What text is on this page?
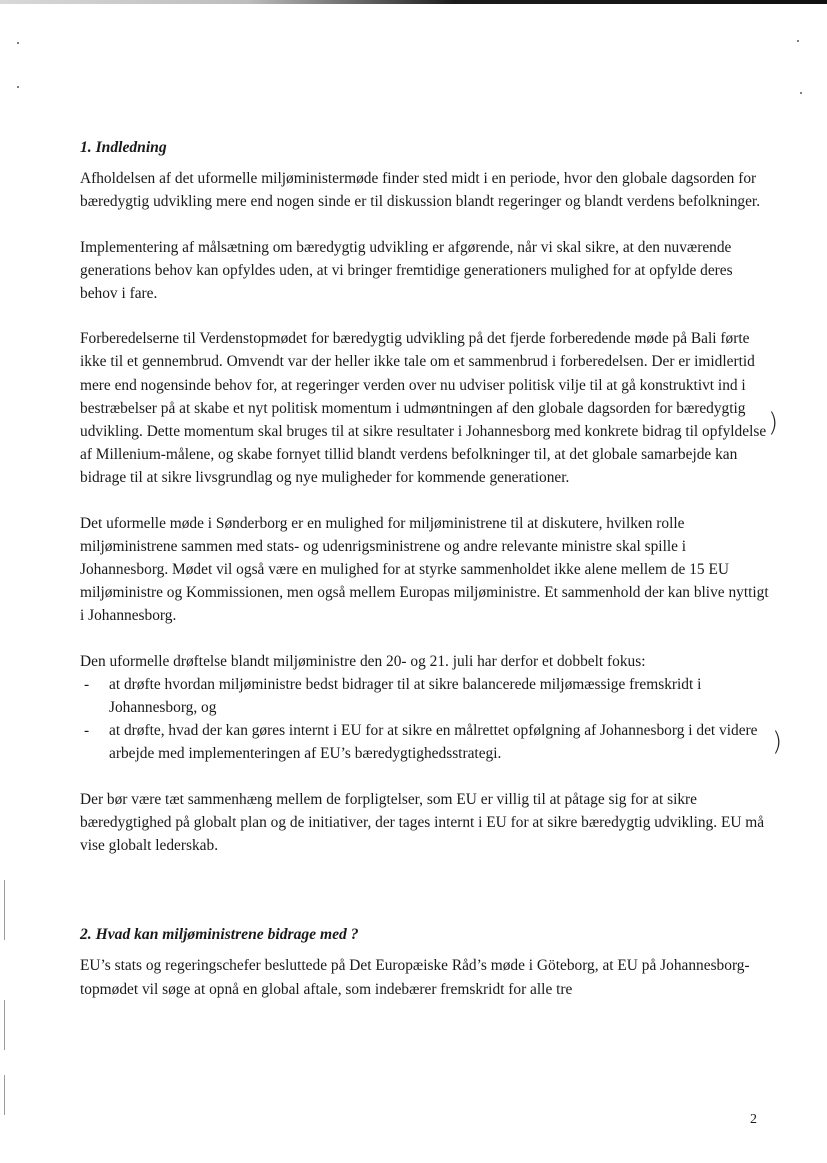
1. Indledning

Afholdelsen af det uformelle miljøministermøde finder sted midt i en periode, hvor den globale dagsorden for bæredygtig udvikling mere end nogen sinde er til diskussion blandt regeringer og blandt verdens befolkninger.

Implementering af målsætning om bæredygtig udvikling er afgørende, når vi skal sikre, at den nuværende generations behov kan opfyldes uden, at vi bringer fremtidige generationers mulighed for at opfylde deres behov i fare.

Forberedelserne til Verdenstopmødet for bæredygtig udvikling på det fjerde forberedende møde på Bali førte ikke til et gennembrud. Omvendt var der heller ikke tale om et sammenbrud i forberedelsen. Der er imidlertid mere end nogensinde behov for, at regeringer verden over nu udviser politisk vilje til at gå konstruktivt ind i bestræbelser på at skabe et nyt politisk momentum i udmøntningen af den globale dagsorden for bæredygtig udvikling. Dette momentum skal bruges til at sikre resultater i Johannesborg med konkrete bidrag til opfyldelse af Millenium-målene, og skabe fornyet tillid blandt verdens befolkninger til, at det globale samarbejde kan bidrage til at sikre livsgrundlag og nye muligheder for kommende generationer.

Det uformelle møde i Sønderborg er en mulighed for miljøministrene til at diskutere, hvilken rolle miljøministrene sammen med stats- og udenrigsministrene og andre relevante ministre skal spille i Johannesborg. Mødet vil også være en mulighed for at styrke sammenholdet ikke alene mellem de 15 EU miljøministre og Kommissionen, men også mellem Europas miljøministre. Et sammenhold der kan blive nyttigt i Johannesborg.

Den uformelle drøftelse blandt miljøministre den 20- og 21. juli har derfor et dobbelt fokus:

- at drøfte hvordan miljøministre bedst bidrager til at sikre balancerede miljømæssige fremskridt i Johannesborg, og
- at drøfte, hvad der kan gøres internt i EU for at sikre en målrettet opfølgning af Johannesborg i det videre arbejde med implementeringen af EU’s bæredygtighedsstrategi.

Der bør være tæt sammenhæng mellem de forpligtelser, som EU er villig til at påtage sig for at sikre bæredygtighed på globalt plan og de initiativer, der tages internt i EU for at sikre bæredygtig udvikling. EU må vise globalt lederskab.

2. Hvad kan miljøministrene bidrage med ?

EU’s stats og regeringschefer besluttede på Det Europæiske Råd’s møde i Göteborg, at EU på Johannesborg-topmødet vil søge at opnå en global aftale, som indebærer fremskridt for alle tre

)
)
2
